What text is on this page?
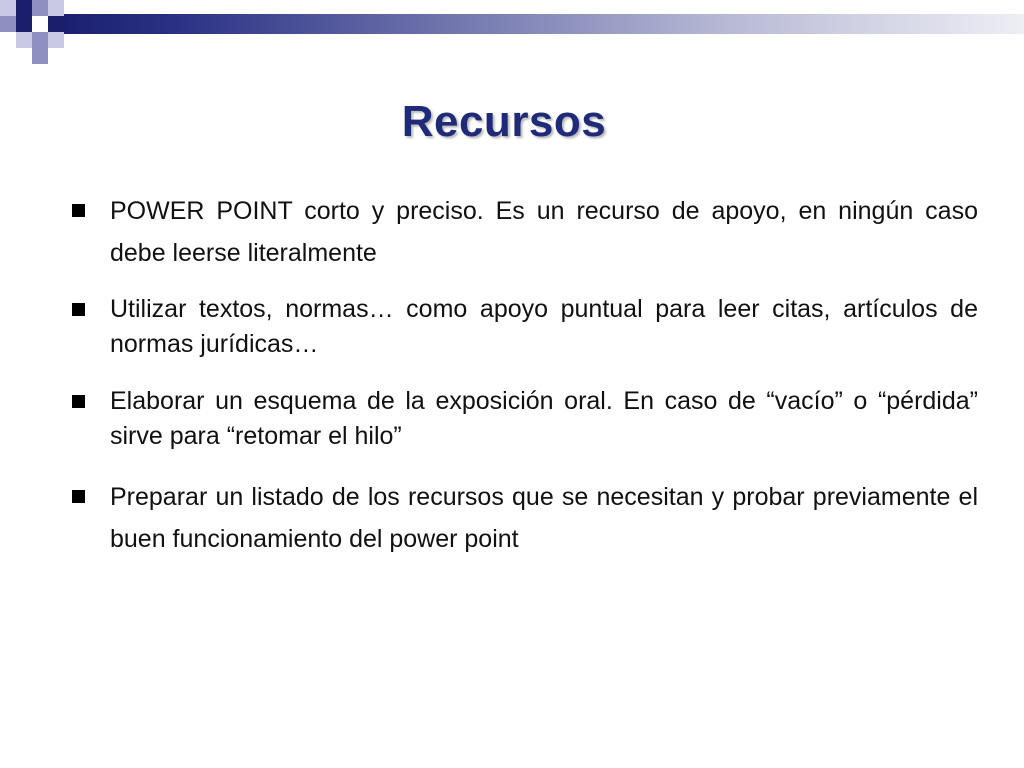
Recursos
POWER POINT corto y preciso. Es un recurso de apoyo, en ningún caso debe leerse literalmente
Utilizar textos, normas… como apoyo puntual para leer citas, artículos de normas jurídicas…
Elaborar un esquema de la exposición oral. En caso de “vacío” o “pérdida” sirve para “retomar el hilo”
Preparar un listado de los recursos que se necesitan y probar previamente el buen funcionamiento del power point
